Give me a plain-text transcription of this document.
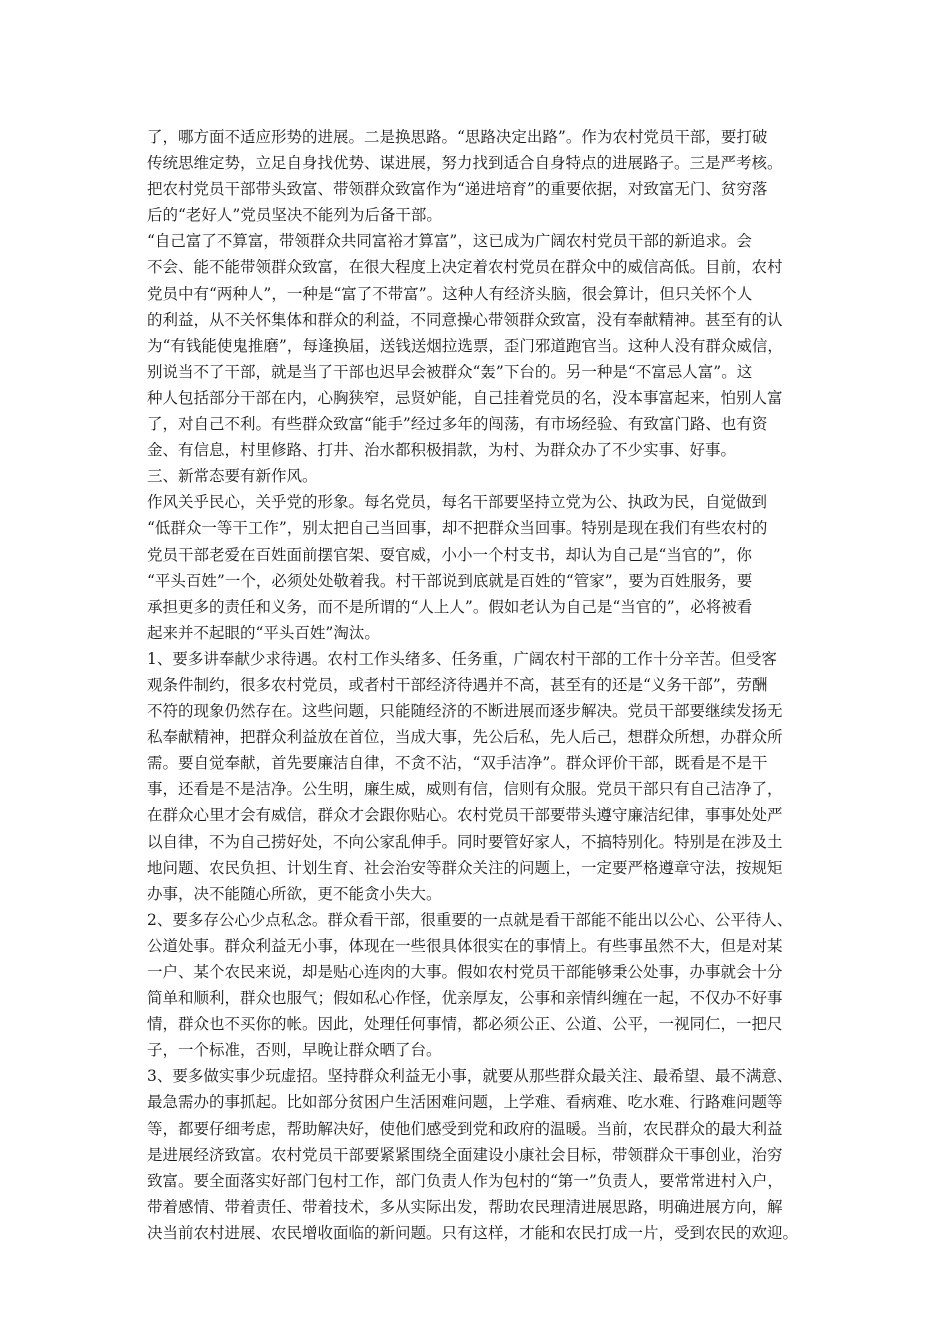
了，哪方面不适应形势的进展。二是换思路。“思路决定出路”。作为农村党员干部，要打破
传统思维定势，立足自身找优势、谋进展，努力找到适合自身特点的进展路子。三是严考核。
把农村党员干部带头致富、带领群众致富作为“递进培育”的重要依据，对致富无门、贫穷落
后的“老好人”党员坚决不能列为后备干部。
“自己富了不算富，带领群众共同富裕才算富”，这已成为广阔农村党员干部的新追求。会
不会、能不能带领群众致富，在很大程度上决定着农村党员在群众中的威信高低。目前，农村
党员中有“两种人”，一种是“富了不带富”。这种人有经济头脑，很会算计，但只关怀个人
的利益，从不关怀集体和群众的利益，不同意操心带领群众致富，没有奉献精神。甚至有的认
为“有钱能使鬼推磨”，每逢换届，送钱送烟拉选票，歪门邪道跑官当。这种人没有群众威信，
别说当不了干部，就是当了干部也迟早会被群众“轰”下台的。另一种是“不富忌人富”。这
种人包括部分干部在内，心胸狭窄，忌贤妒能，自己挂着党员的名，没本事富起来，怕别人富
了，对自己不利。有些群众致富“能手”经过多年的闯荡，有市场经验、有致富门路、也有资
金、有信息，村里修路、打井、治水都积极捐款，为村、为群众办了不少实事、好事。
三、新常态要有新作风。
作风关乎民心，关乎党的形象。每名党员，每名干部要坚持立党为公、执政为民，自觉做到
“低群众一等干工作”，别太把自己当回事，却不把群众当回事。特别是现在我们有些农村的
党员干部老爱在百姓面前摆官架、耍官威，小小一个村支书，却认为自己是“当官的”，你
“平头百姓”一个，必须处处敬着我。村干部说到底就是百姓的“管家”，要为百姓服务，要
承担更多的责任和义务，而不是所谓的“人上人”。假如老认为自己是“当官的”，必将被看
起来并不起眼的“平头百姓”淘汰。
1、要多讲奉献少求待遇。农村工作头绪多、任务重，广阔农村干部的工作十分辛苦。但受客
观条件制约，很多农村党员，或者村干部经济待遇并不高，甚至有的还是“义务干部”，劳酬
不符的现象仍然存在。这些问题，只能随经济的不断进展而逐步解决。党员干部要继续发扬无
私奉献精神，把群众利益放在首位，当成大事，先公后私，先人后己，想群众所想，办群众所
需。要自觉奉献，首先要廉洁自律，不贪不沾，“双手洁净”。群众评价干部，既看是不是干
事，还看是不是洁净。公生明，廉生威，威则有信，信则有众服。党员干部只有自己洁净了，
在群众心里才会有威信，群众才会跟你贴心。农村党员干部要带头遵守廉洁纪律，事事处处严
以自律，不为自己捞好处，不向公家乱伸手。同时要管好家人，不搞特别化。特别是在涉及土
地问题、农民负担、计划生育、社会治安等群众关注的问题上，一定要严格遵章守法，按规矩
办事，决不能随心所欲，更不能贪小失大。
2、要多存公心少点私念。群众看干部，很重要的一点就是看干部能不能出以公心、公平待人、
公道处事。群众利益无小事，体现在一些很具体很实在的事情上。有些事虽然不大，但是对某
一户、某个农民来说，却是贴心连肉的大事。假如农村党员干部能够秉公处事，办事就会十分
简单和顺利，群众也服气；假如私心作怪，优亲厚友，公事和亲情纠缠在一起，不仅办不好事
情，群众也不买你的帐。因此，处理任何事情，都必须公正、公道、公平，一视同仁，一把尺
子，一个标准，否则，早晚让群众晒了台。
3、要多做实事少玩虚招。坚持群众利益无小事，就要从那些群众最关注、最希望、最不满意、
最急需办的事抓起。比如部分贫困户生活困难问题，上学难、看病难、吃水难、行路难问题等
等，都要仔细考虑，帮助解决好，使他们感受到党和政府的温暖。当前，农民群众的最大利益
是进展经济致富。农村党员干部要紧紧围绕全面建设小康社会目标，带领群众干事创业，治穷
致富。要全面落实好部门包村工作，部门负责人作为包村的“第一”负责人，要常常进村入户，
带着感情、带着责任、带着技术，多从实际出发，帮助农民理清进展思路，明确进展方向，解
决当前农村进展、农民增收面临的新问题。只有这样，才能和农民打成一片，受到农民的欢迎。
